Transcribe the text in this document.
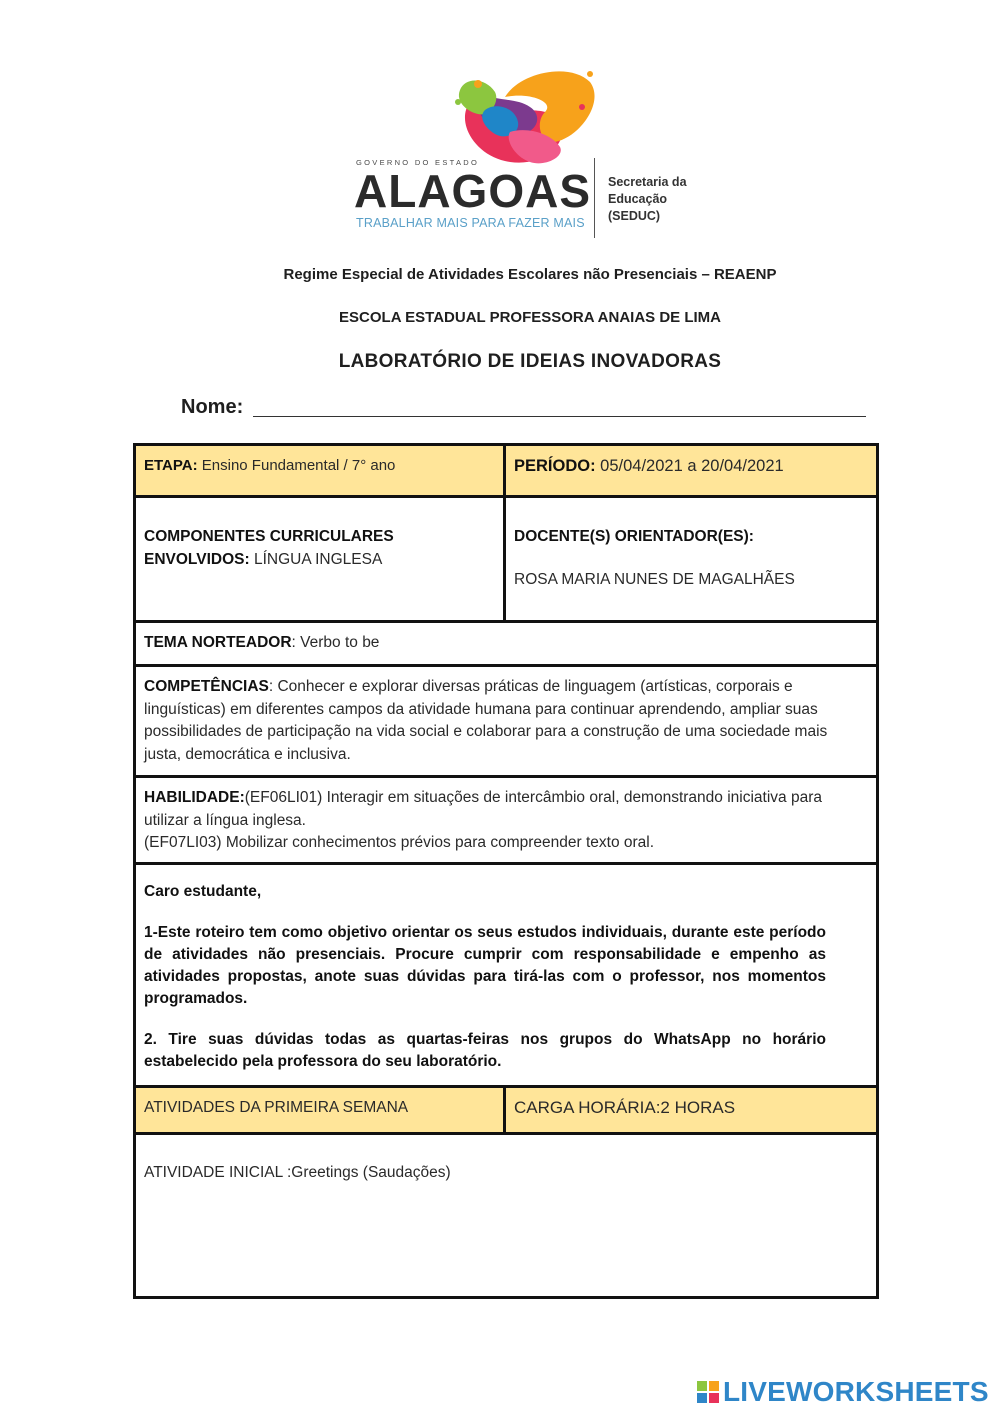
GOVERNO DO ESTADO
ALAGOAS
TRABALHAR MAIS PARA FAZER MAIS
Secretaria da
Educação
(SEDUC)
Regime Especial de Atividades Escolares não Presenciais – REAENP
ESCOLA ESTADUAL PROFESSORA ANAIAS DE LIMA
LABORATÓRIO DE IDEIAS INOVADORAS
Nome:
ETAPA: Ensino Fundamental / 7° ano	PERÍODO: 05/04/2021 a 20/04/2021
COMPONENTES CURRICULARES
ENVOLVIDOS: LÍNGUA INGLESA
DOCENTE(S) ORIENTADOR(ES):
ROSA MARIA NUNES DE MAGALHÃES
TEMA NORTEADOR: Verbo to be
COMPETÊNCIAS: Conhecer e explorar diversas práticas de linguagem (artísticas, corporais e linguísticas) em diferentes campos da atividade humana para continuar aprendendo, ampliar suas possibilidades de participação na vida social e colaborar para a construção de uma sociedade mais justa, democrática e inclusiva.
HABILIDADE:(EF06LI01) Interagir em situações de intercâmbio oral, demonstrando iniciativa para utilizar a língua inglesa.
(EF07LI03) Mobilizar conhecimentos prévios para compreender texto oral.

Caro estudante,

1-Este roteiro tem como objetivo orientar os seus estudos individuais, durante este período de atividades não presenciais. Procure cumprir com responsabilidade e empenho as atividades propostas, anote suas dúvidas para tirá-las com o professor, nos momentos programados.

2. Tire suas dúvidas todas as quartas-feiras nos grupos do WhatsApp no horário estabelecido pela professora do seu laboratório.

ATIVIDADES DA PRIMEIRA SEMANA	CARGA HORÁRIA:2 HORAS
ATIVIDADE INICIAL :Greetings (Saudações)
LIVEWORKSHEETS
